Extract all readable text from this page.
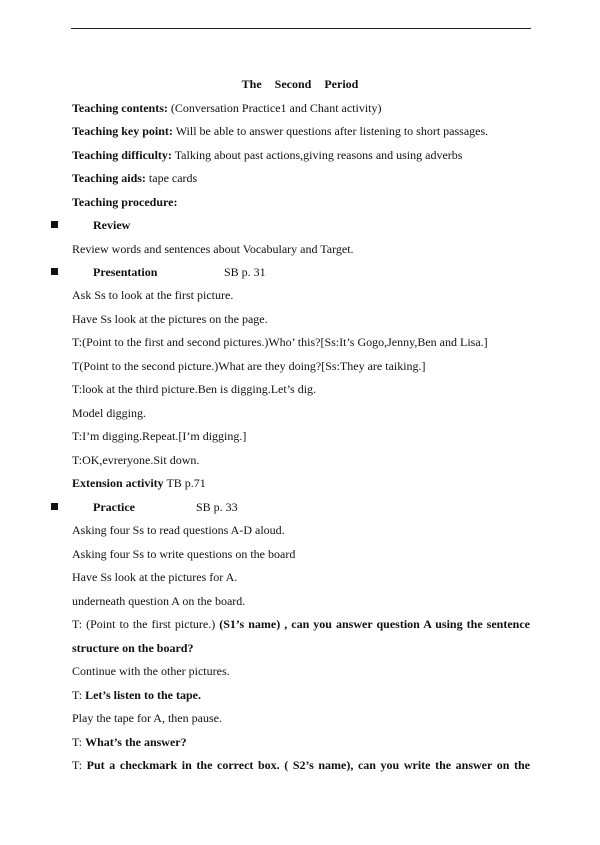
The Second Period
Teaching contents: (Conversation Practice1 and Chant activity)
Teaching key point: Will be able to answer questions after listening to short passages.
Teaching difficulty: Talking about past actions,giving reasons and using adverbs
Teaching aids: tape cards
Teaching procedure:
Review
Review words and sentences about Vocabulary and Target.
Presentation	SB p. 31
Ask Ss to look at the first picture.
Have Ss look at the pictures on the page.
T:(Point to the first and second pictures.)Who’ this?[Ss:It’s Gogo,Jenny,Ben and Lisa.]
T(Point to the second picture.)What are they doing?[Ss:They are taiking.]
T:look at the third picture.Ben is digging.Let’s dig.
Model digging.
T:I’m digging.Repeat.[I’m digging.]
T:OK,evreryone.Sit down.
Extension activity TB p.71
Practice	SB p. 33
Asking four Ss to read questions A-D aloud.
Asking four Ss to write questions on the board
Have Ss look at the pictures for A.
underneath question A on the board.
T: (Point to the first picture.) (S1’s name) , can you answer question A using the sentence
structure on the board?
Continue with the other pictures.
T: Let’s listen to the tape.
Play the tape for A, then pause.
T: What’s the answer?
T: Put a checkmark in the correct box. ( S2’s name), can you write the answer on the
